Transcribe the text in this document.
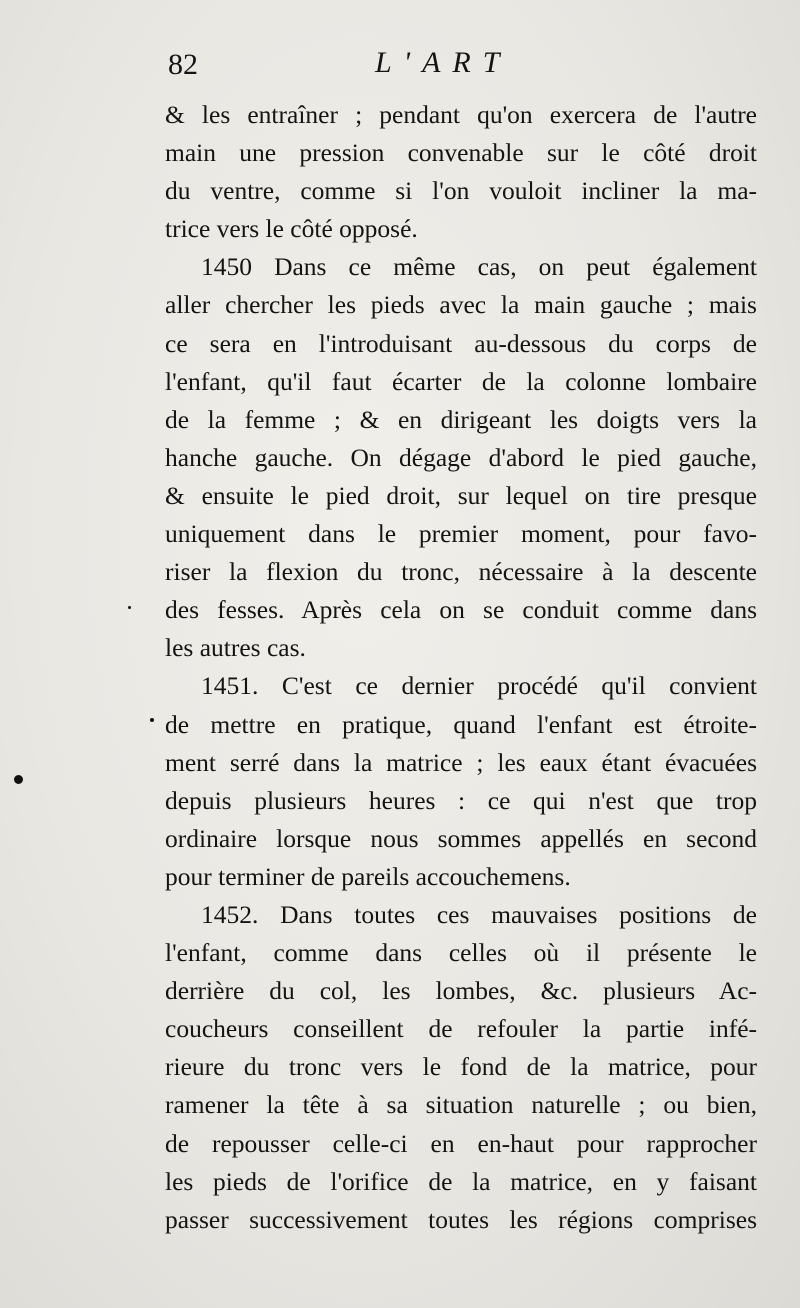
82	L'ART
& les entraîner ; pendant qu'on exercera de l'autre
main une pression convenable sur le côté droit
du ventre, comme si l'on vouloit incliner la ma-
trice vers le côté opposé.
1450 Dans ce même cas, on peut également
aller chercher les pieds avec la main gauche ; mais
ce sera en l'introduisant au-dessous du corps de
l'enfant, qu'il faut écarter de la colonne lombaire
de la femme ; & en dirigeant les doigts vers la
hanche gauche. On dégage d'abord le pied gauche,
& ensuite le pied droit, sur lequel on tire presque
uniquement dans le premier moment, pour favo-
riser la flexion du tronc, nécessaire à la descente
des fesses. Après cela on se conduit comme dans
les autres cas.
1451. C'est ce dernier procédé qu'il convient
de mettre en pratique, quand l'enfant est étroite-
ment serré dans la matrice ; les eaux étant évacuées
depuis plusieurs heures : ce qui n'est que trop
ordinaire lorsque nous sommes appellés en second
pour terminer de pareils accouchemens.
1452. Dans toutes ces mauvaises positions de
l'enfant, comme dans celles où il présente le
derrière du col, les lombes, &c. plusieurs Ac-
coucheurs conseillent de refouler la partie infé-
rieure du tronc vers le fond de la matrice, pour
ramener la tête à sa situation naturelle ; ou bien,
de repousser celle-ci en en-haut pour rapprocher
les pieds de l'orifice de la matrice, en y faisant
passer successivement toutes les régions comprises
